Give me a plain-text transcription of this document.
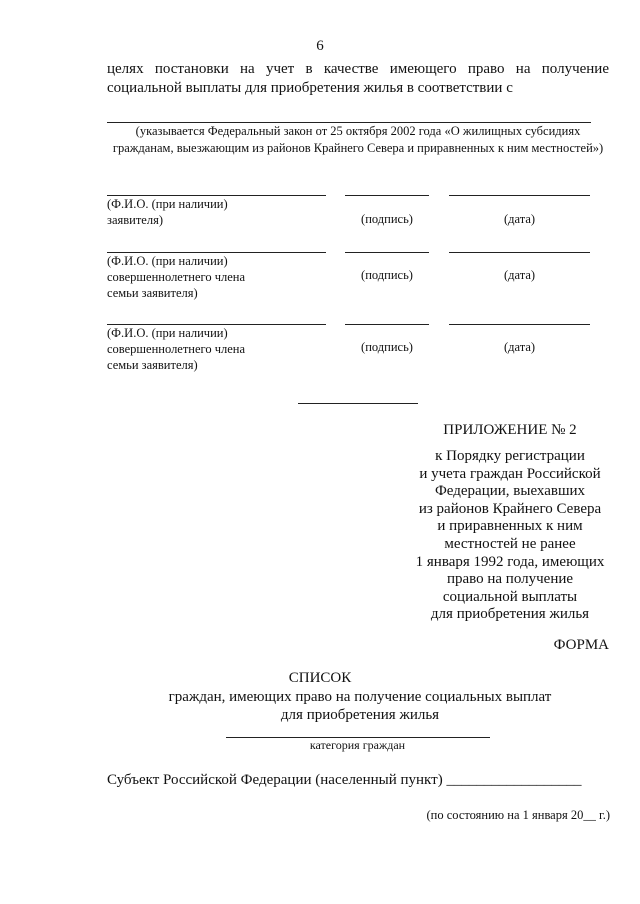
6
целях постановки на учет в качестве имеющего право на получение социальной выплаты для приобретения жилья в соответствии с
(указывается Федеральный закон от 25 октября 2002 года «О жилищных субсидиях гражданам, выезжающим из районов Крайнего Севера и приравненных к ним местностей»)
(Ф.И.О. (при наличии)
заявителя)	(подпись)	(дата)
(Ф.И.О. (при наличии)
совершеннолетнего члена
семьи заявителя)
(подпись)	(дата)
(Ф.И.О. (при наличии)
совершеннолетнего члена
семьи заявителя)
(подпись)	(дата)
ПРИЛОЖЕНИЕ № 2
к Порядку регистрации
и учета граждан Российской
Федерации, выехавших
из районов Крайнего Севера
и приравненных к ним
местностей не ранее
1 января 1992 года, имеющих
право на получение
социальной выплаты
для приобретения жилья
ФОРМА
СПИСОК
граждан, имеющих право на получение социальных выплат
для приобретения жилья
категория граждан
Субъект Российской Федерации (населенный пункт) __________________
(по состоянию на 1 января 20__ г.)
